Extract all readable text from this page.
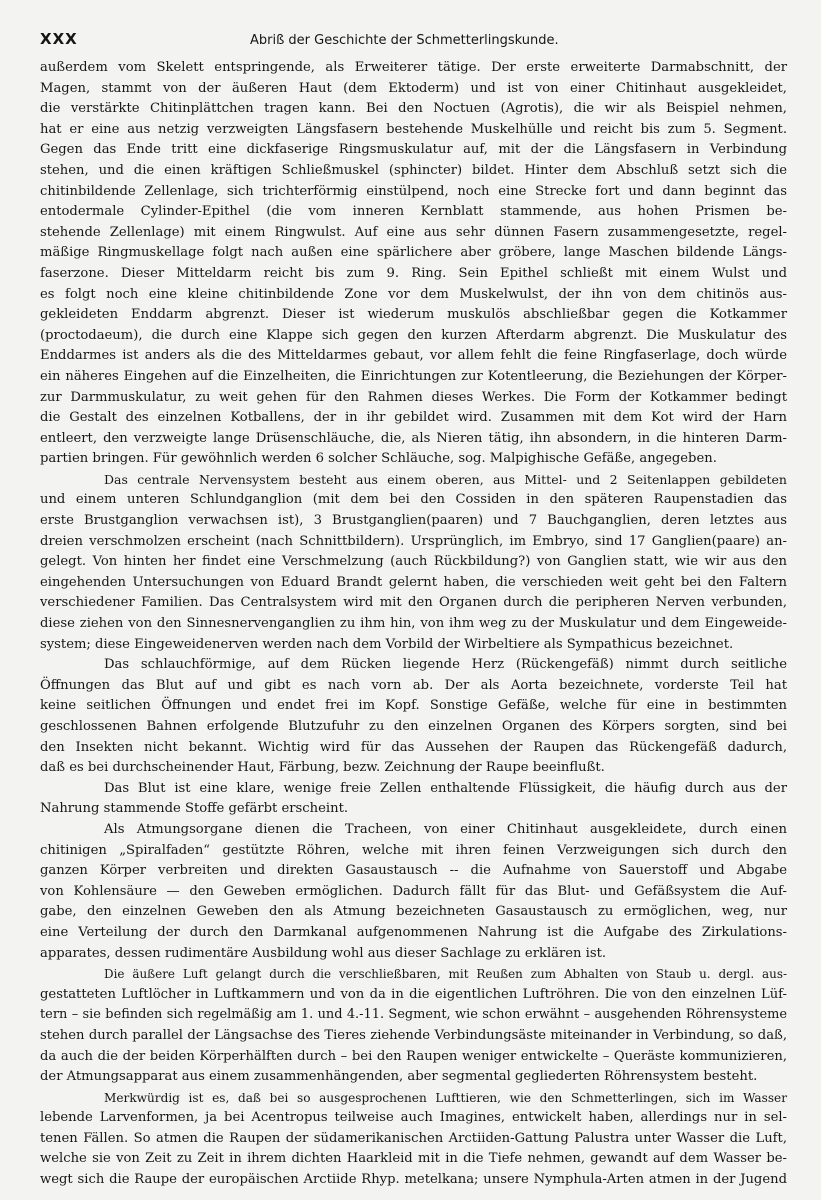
XXX	Abriß der Geschichte der Schmetterlingskunde.
außerdem vom Skelett entspringende, als Erweiterer tätige. Der erste erweiterte Darmabschnitt, der
Magen, stammt von der äußeren Haut (dem Ektoderm) und ist von einer Chitinhaut ausgekleidet,
die verstärkte Chitinplättchen tragen kann. Bei den Noctuen (Agrotis), die wir als Beispiel nehmen,
hat er eine aus netzig verzweigten Längsfasern bestehende Muskelhülle und reicht bis zum 5. Segment.
Gegen das Ende tritt eine dickfaserige Ringsmuskulatur auf, mit der die Längsfasern in Verbindung
stehen, und die einen kräftigen Schließmuskel (sphincter) bildet. Hinter dem Abschluß setzt sich die
chitinbildende Zellenlage, sich trichterförmig einstülpend, noch eine Strecke fort und dann beginnt das
entodermale Cylinder-Epithel (die vom inneren Kernblatt stammende, aus hohen Prismen be-
stehende Zellenlage) mit einem Ringwulst. Auf eine aus sehr dünnen Fasern zusammengesetzte, regel-
mäßige Ringmuskellage folgt nach außen eine spärlichere aber gröbere, lange Maschen bildende Längs-
faserzone. Dieser Mitteldarm reicht bis zum 9. Ring. Sein Epithel schließt mit einem Wulst und
es folgt noch eine kleine chitinbildende Zone vor dem Muskelwulst, der ihn von dem chitinös aus-
gekleideten Enddarm abgrenzt. Dieser ist wiederum muskulös abschließbar gegen die Kotkammer
(proctodaeum), die durch eine Klappe sich gegen den kurzen Afterdarm abgrenzt. Die Muskulatur des
Enddarmes ist anders als die des Mitteldarmes gebaut, vor allem fehlt die feine Ringfaserlage, doch würde
ein näheres Eingehen auf die Einzelheiten, die Einrichtungen zur Kotentleerung, die Beziehungen der Körper-
zur Darmmuskulatur, zu weit gehen für den Rahmen dieses Werkes. Die Form der Kotkammer bedingt
die Gestalt des einzelnen Kotballens, der in ihr gebildet wird. Zusammen mit dem Kot wird der Harn
entleert, den verzweigte lange Drüsenschläuche, die, als Nieren tätig, ihn absondern, in die hinteren Darm-
partien bringen. Für gewöhnlich werden 6 solcher Schläuche, sog. Malpighische Gefäße, angegeben.
Das centrale Nervensystem besteht aus einem oberen, aus Mittel- und 2 Seitenlappen gebildeten
und einem unteren Schlundganglion (mit dem bei den Cossiden in den späteren Raupenstadien das
erste Brustganglion verwachsen ist), 3 Brustganglien(paaren) und 7 Bauchganglien, deren letztes aus
dreien verschmolzen erscheint (nach Schnittbildern). Ursprünglich, im Embryo, sind 17 Ganglien(paare) an-
gelegt. Von hinten her findet eine Verschmelzung (auch Rückbildung?) von Ganglien statt, wie wir aus den
eingehenden Untersuchungen von Eduard Brandt gelernt haben, die verschieden weit geht bei den Faltern
verschiedener Familien. Das Centralsystem wird mit den Organen durch die peripheren Nerven verbunden,
diese ziehen von den Sinnesnervenganglien zu ihm hin, von ihm weg zu der Muskulatur und dem Eingeweide-
system; diese Eingeweidenerven werden nach dem Vorbild der Wirbeltiere als Sympathicus bezeichnet.
Das schlauchförmige, auf dem Rücken liegende Herz (Rückengefäß) nimmt durch seitliche
Öffnungen das Blut auf und gibt es nach vorn ab. Der als Aorta bezeichnete, vorderste Teil hat
keine seitlichen Öffnungen und endet frei im Kopf. Sonstige Gefäße, welche für eine in bestimmten
geschlossenen Bahnen erfolgende Blutzufuhr zu den einzelnen Organen des Körpers sorgten, sind bei
den Insekten nicht bekannt. Wichtig wird für das Aussehen der Raupen das Rückengefäß dadurch,
daß es bei durchscheinender Haut, Färbung, bezw. Zeichnung der Raupe beeinflußt.
Das Blut ist eine klare, wenige freie Zellen enthaltende Flüssigkeit, die häufig durch aus der
Nahrung stammende Stoffe gefärbt erscheint.
Als Atmungsorgane dienen die Tracheen, von einer Chitinhaut ausgekleidete, durch einen
chitinigen „Spiralfaden“ gestützte Röhren, welche mit ihren feinen Verzweigungen sich durch den
ganzen Körper verbreiten und direkten Gasaustausch -- die Aufnahme von Sauerstoff und Abgabe
von Kohlensäure — den Geweben ermöglichen. Dadurch fällt für das Blut- und Gefäßsystem die Auf-
gabe, den einzelnen Geweben den als Atmung bezeichneten Gasaustausch zu ermöglichen, weg, nur
eine Verteilung der durch den Darmkanal aufgenommenen Nahrung ist die Aufgabe des Zirkulations-
apparates, dessen rudimentäre Ausbildung wohl aus dieser Sachlage zu erklären ist.
Die äußere Luft gelangt durch die verschließbaren, mit Reußen zum Abhalten von Staub u. dergl. aus-
gestatteten Luftlöcher in Luftkammern und von da in die eigentlichen Luftröhren. Die von den einzelnen Lüf-
tern – sie befinden sich regelmäßig am 1. und 4.-11. Segment, wie schon erwähnt – ausgehenden Röhrensysteme
stehen durch parallel der Längsachse des Tieres ziehende Verbindungsäste miteinander in Verbindung, so daß,
da auch die der beiden Körperhälften durch – bei den Raupen weniger entwickelte – Queräste kommunizieren,
der Atmungsapparat aus einem zusammenhängenden, aber segmental gegliederten Röhrensystem besteht.
Merkwürdig ist es, daß bei so ausgesprochenen Lufttieren, wie den Schmetterlingen, sich im Wasser
lebende Larvenformen, ja bei Acentropus teilweise auch Imagines, entwickelt haben, allerdings nur in sel-
tenen Fällen. So atmen die Raupen der südamerikanischen Arctiiden-Gattung Palustra unter Wasser die Luft,
welche sie von Zeit zu Zeit in ihrem dichten Haarkleid mit in die Tiefe nehmen, gewandt auf dem Wasser be-
wegt sich die Raupe der europäischen Arctiide Rhyp. metelkana; unsere Nymphula-Arten atmen in der Jugend
